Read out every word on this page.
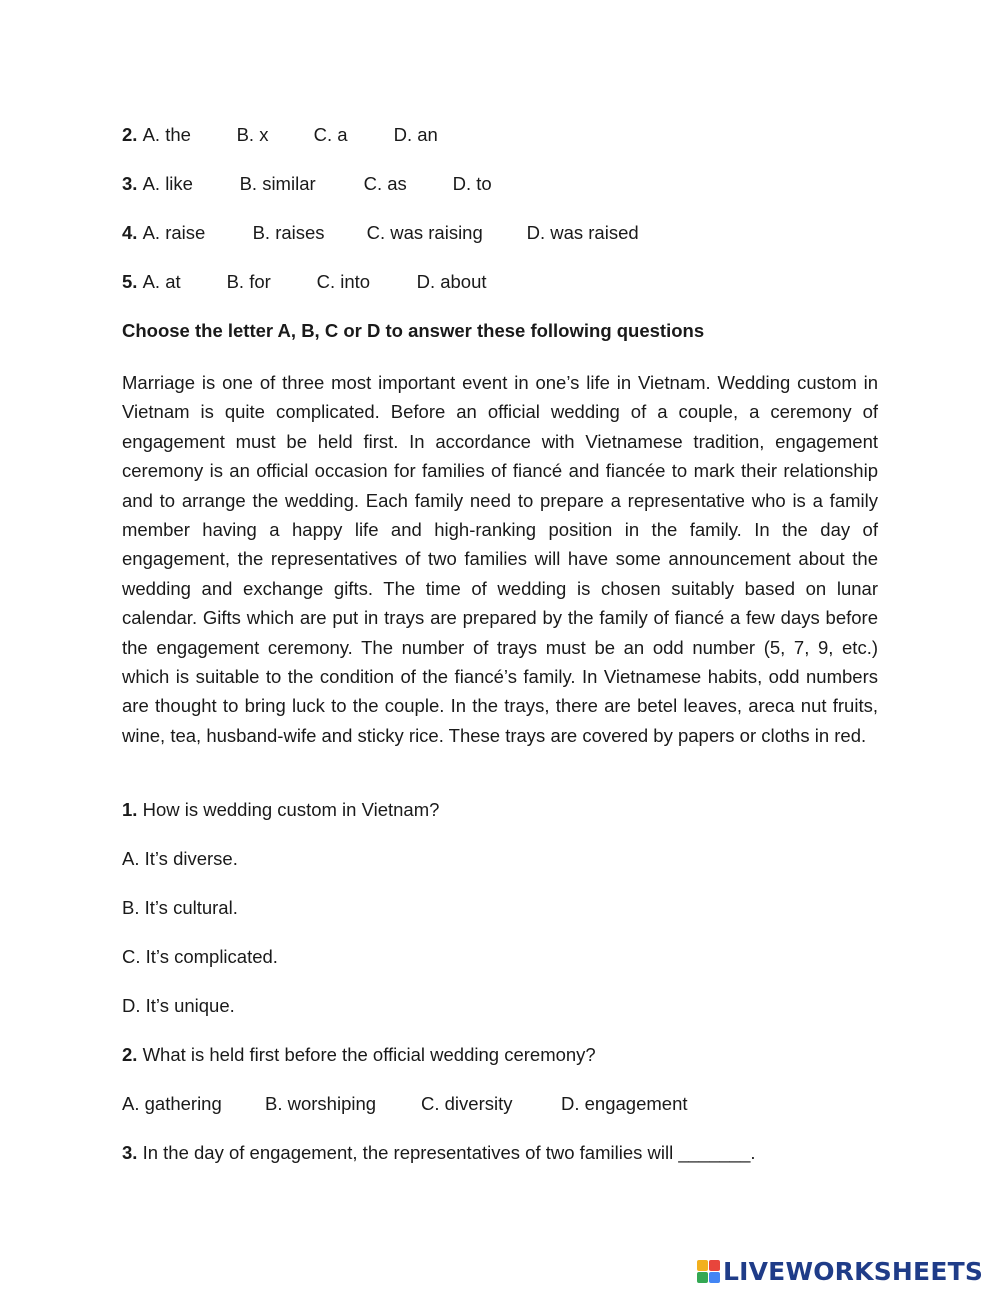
2. A. the B. x C. a D. an
3. A. like	B. similar	C. as D. to
4. A. raise	B. raises C. was raising D. was raised
5. A. at B. for C. into	D. about
Choose the letter A, B, C or D to answer these following questions

Marriage is one of three most important event in one’s life in Vietnam. Wedding custom in Vietnam is quite complicated. Before an official wedding of a couple, a ceremony of engagement must be held first. In accordance with Vietnamese tradition, engagement ceremony is an official occasion for families of fiancé and fiancée to mark their relationship and to arrange the wedding. Each family need to prepare a representative who is a family member having a happy life and high-ranking position in the family. In the day of engagement, the representatives of two families will have some announcement about the wedding and exchange gifts. The time of wedding is chosen suitably based on lunar calendar. Gifts which are put in trays are prepared by the family of fiancé a few days before the engagement ceremony. The number of trays must be an odd number (5, 7, 9, etc.) which is suitable to the condition of the fiancé’s family. In Vietnamese habits, odd numbers are thought to bring luck to the couple. In the trays, there are betel leaves, areca nut fruits, wine, tea, husband-wife and sticky rice. These trays are covered by papers or cloths in red.

1. How is wedding custom in Vietnam?
A. It’s diverse.
B. It’s cultural.
C. It’s complicated.
D. It’s unique.
2. What is held first before the official wedding ceremony?
A. gathering B. worshiping C. diversity	D. engagement
3. In the day of engagement, the representatives of two families will _______.
LIVEWORKSHEETS
